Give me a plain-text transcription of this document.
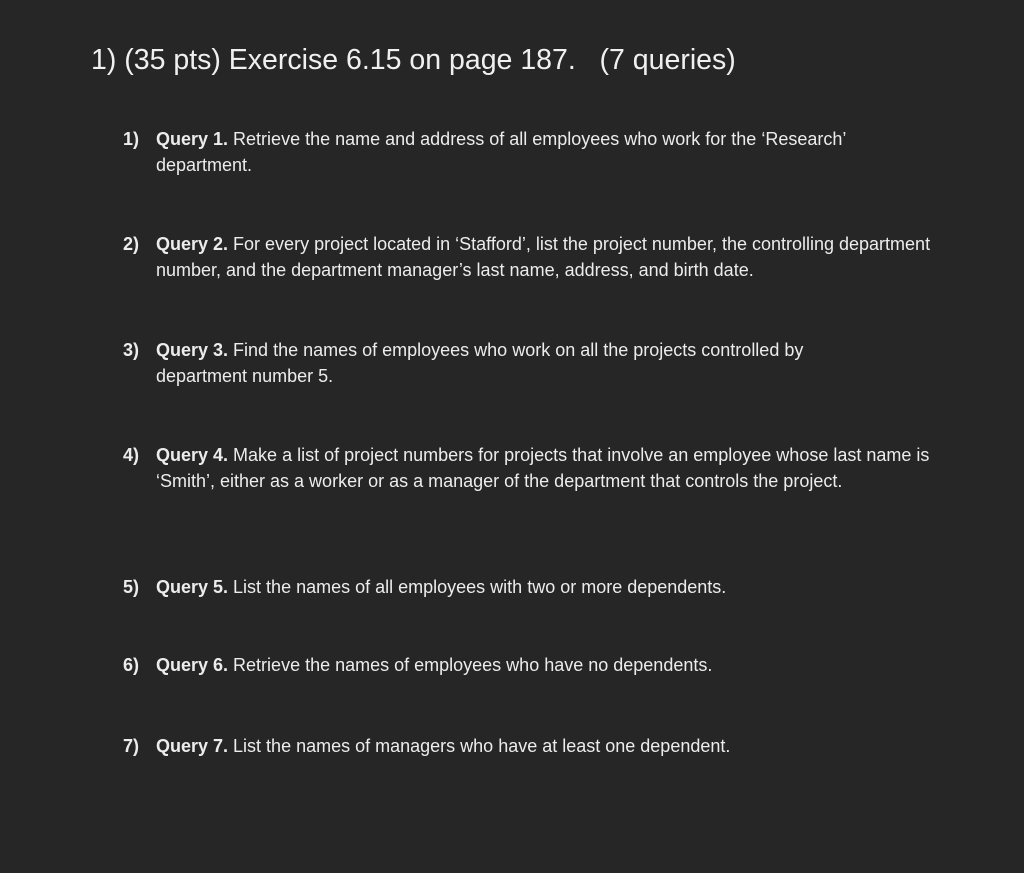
1) (35 pts) Exercise 6.15 on page 187.   (7 queries)
1) Query 1. Retrieve the name and address of all employees who work for the ‘Research’ department.
2) Query 2. For every project located in ‘Stafford’, list the project number, the controlling department number, and the department manager’s last name, address, and birth date.
3) Query 3. Find the names of employees who work on all the projects controlled by department number 5.
4) Query 4. Make a list of project numbers for projects that involve an employee whose last name is ‘Smith’, either as a worker or as a manager of the department that controls the project.
5) Query 5. List the names of all employees with two or more dependents.
6) Query 6. Retrieve the names of employees who have no dependents.
7) Query 7. List the names of managers who have at least one dependent.
